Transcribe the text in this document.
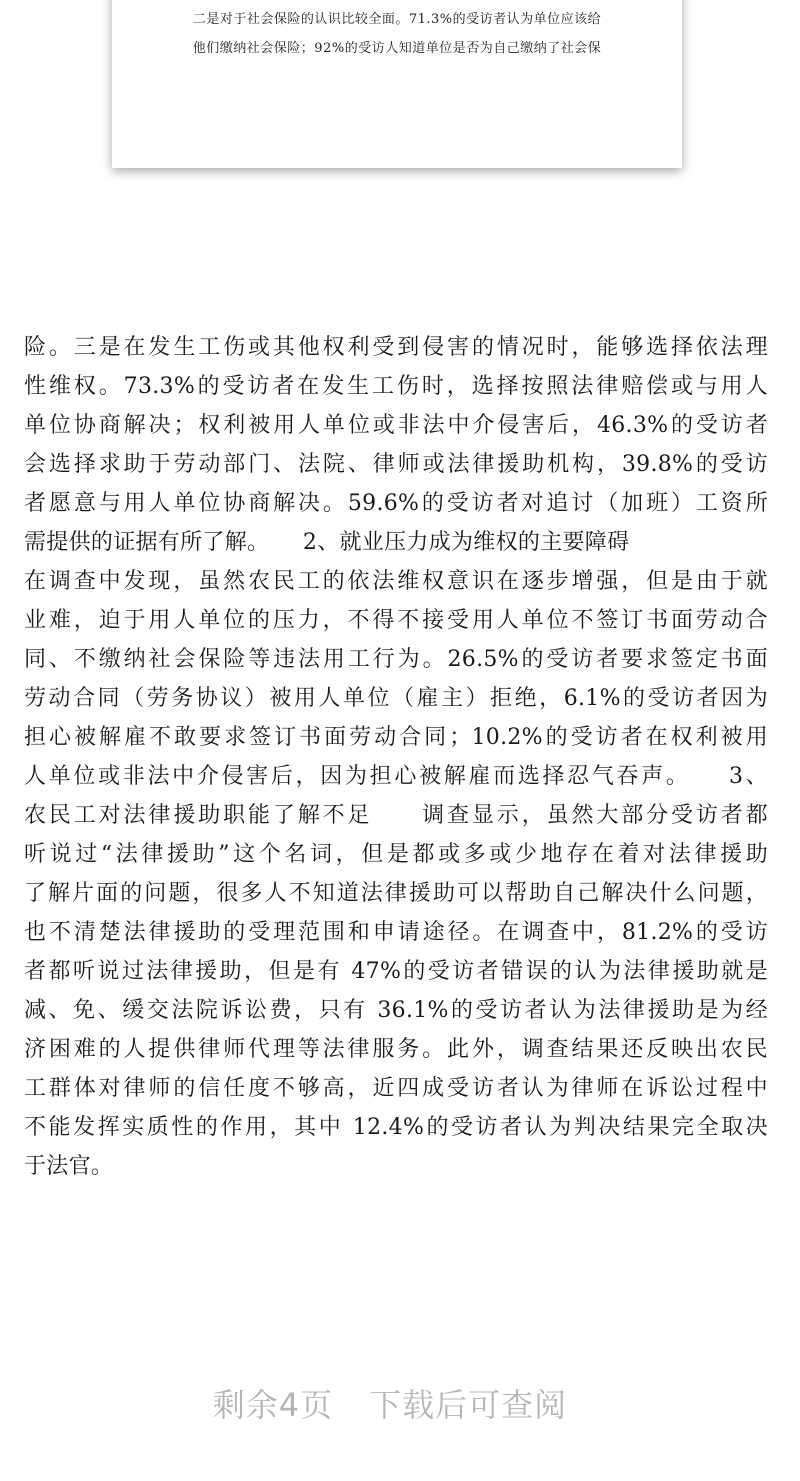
二是对于社会保险的认识比较全面。71.3%的受访者认为单位应该给
他们缴纳社会保险；92%的受访人知道单位是否为自己缴纳了社会保
险。三是在发生工伤或其他权利受到侵害的情况时，能够选择依法理
性维权。73.3%的受访者在发生工伤时，选择按照法律赔偿或与用人
单位协商解决；权利被用人单位或非法中介侵害后，46.3%的受访者
会选择求助于劳动部门、法院、律师或法律援助机构，39.8%的受访
者愿意与用人单位协商解决。59.6%的受访者对追讨（加班）工资所
需提供的证据有所了解。　　2、就业压力成为维权的主要障碍
在调查中发现，虽然农民工的依法维权意识在逐步增强，但是由于就
业难，迫于用人单位的压力，不得不接受用人单位不签订书面劳动合
同、不缴纳社会保险等违法用工行为。26.5%的受访者要求签定书面
劳动合同（劳务协议）被用人单位（雇主）拒绝，6.1%的受访者因为
担心被解雇不敢要求签订书面劳动合同；10.2%的受访者在权利被用
人单位或非法中介侵害后，因为担心被解雇而选择忍气吞声。　　3、
农民工对法律援助职能了解不足　　调查显示，虽然大部分受访者都
听说过“法律援助”这个名词，但是都或多或少地存在着对法律援助
了解片面的问题，很多人不知道法律援助可以帮助自己解决什么问题，
也不清楚法律援助的受理范围和申请途径。在调查中，81.2%的受访
者都听说过法律援助，但是有 47%的受访者错误的认为法律援助就是
减、免、缓交法院诉讼费，只有 36.1%的受访者认为法律援助是为经
济困难的人提供律师代理等法律服务。此外，调查结果还反映出农民
工群体对律师的信任度不够高，近四成受访者认为律师在诉讼过程中
不能发挥实质性的作用，其中 12.4%的受访者认为判决结果完全取决
于法官。
剩余4页 下载后可查阅
